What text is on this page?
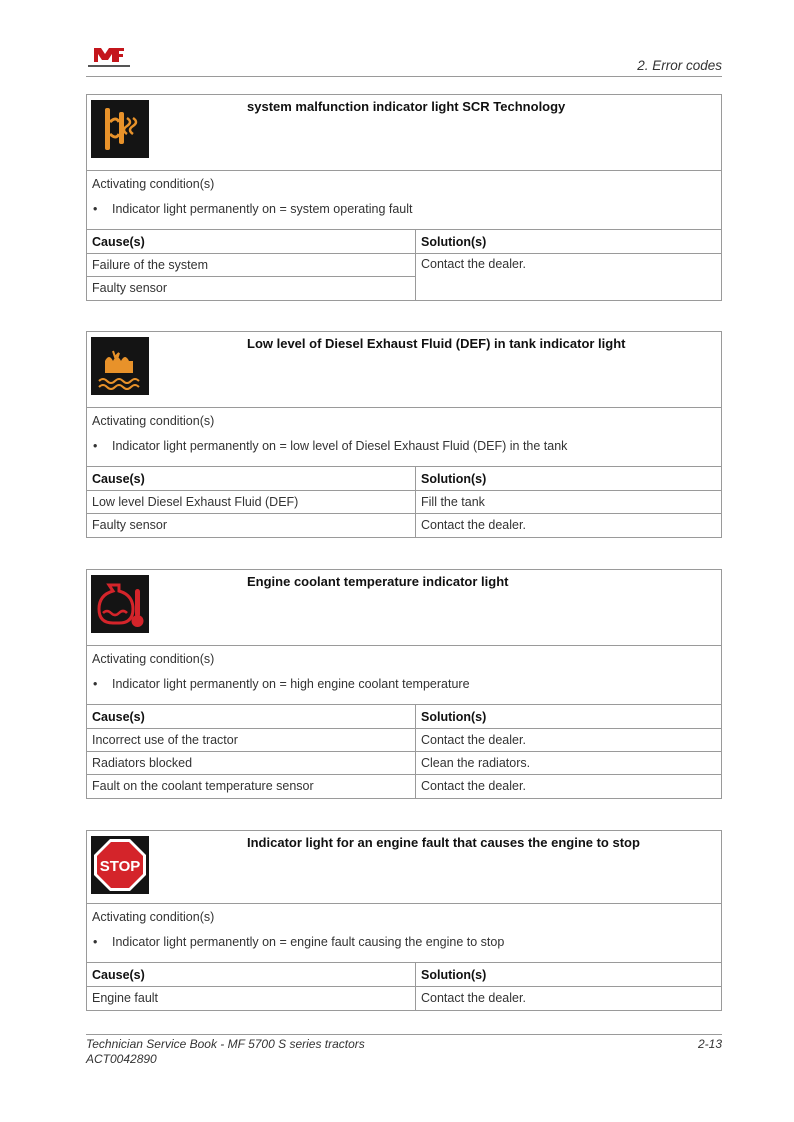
2. Error codes
system malfunction indicator light SCR Technology
Activating condition(s)
•	Indicator light permanently on = system operating fault
Cause(s)	Solution(s)
Failure of the system	Contact the dealer.
Faulty sensor	
Low level of Diesel Exhaust Fluid (DEF) in tank indicator light
Activating condition(s)
•	Indicator light permanently on = low level of Diesel Exhaust Fluid (DEF) in the tank
Cause(s)	Solution(s)
Low level Diesel Exhaust Fluid (DEF)	Fill the tank
Faulty sensor	Contact the dealer.
Engine coolant temperature indicator light
Activating condition(s)
•	Indicator light permanently on = high engine coolant temperature
Cause(s)	Solution(s)
Incorrect use of the tractor	Contact the dealer.
Radiators blocked	Clean the radiators.
Fault on the coolant temperature sensor	Contact the dealer.
STOP
Indicator light for an engine fault that causes the engine to stop
Activating condition(s)
•	Indicator light permanently on = engine fault causing the engine to stop
Cause(s)	Solution(s)
Engine fault	Contact the dealer.
Technician Service Book - MF 5700 S series tractors
ACT0042890
2-13
